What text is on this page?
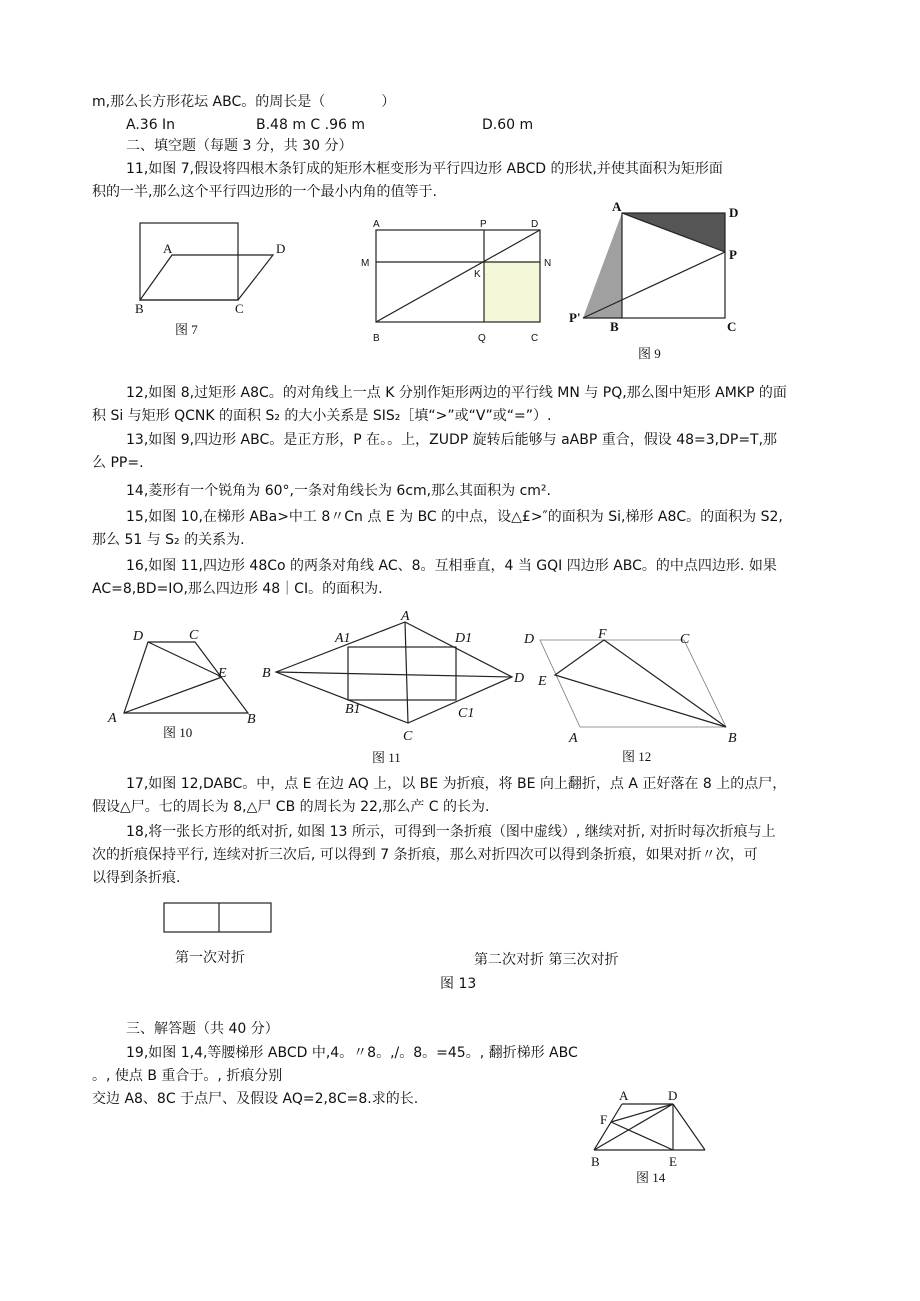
m,那么长方形花坛 ABC。的周长是（　　　　）
A.36 In	B.48 m C .96 m	D.60 m
二、填空题（每题 3 分，共 30 分）
11,如图 7,假设将四根木条钉成的矩形木框变形为平行四边形 ABCD 的形状,并使其面积为矩形面
积的一半,那么这个平行四边形的一个最小内角的值等于.
12,如图 8,过矩形 A8C。的对角线上一点 K 分别作矩形两边的平行线 MN 与 PQ,那么图中矩形 AMKP 的面
积 Si 与矩形 QCNK 的面积 S₂ 的大小关系是 SIS₂［填“>”或“V”或“=”）.
13,如图 9,四边形 ABC。是正方形，P 在。。上，ZUDP 旋转后能够与 aABP 重合，假设 48=3,DP=T,那
么 PP=.
14,菱形有一个锐角为 60°,一条对角线长为 6cm,那么其面积为 cm².
15,如图 10,在梯形 ABa>中工 8〃Cn 点 E 为 BC 的中点，设△£>″的面积为 Si,梯形 A8C。的面积为 S2,
那么 51 与 S₂ 的关系为.
16,如图 11,四边形 48Co 的两条对角线 AC、8。互相垂直，4 当 GQI 四边形 ABC。的中点四边形. 如果
AC=8,BD=IO,那么四边形 48｜CI。的面积为.
17,如图 12,DABC。中，点 E 在边 AQ 上，以 BE 为折痕，将 BE 向上翻折，点 A 正好落在 8 上的点尸，
假设△尸。七的周长为 8,△尸 CB 的周长为 22,那么产 C 的长为.
18,将一张长方形的纸对折, 如图 13 所示，可得到一条折痕（图中虚线）, 继续对折, 对折时每次折痕与上
次的折痕保持平行, 连续对折三次后, 可以得到 7 条折痕，那么对折四次可以得到条折痕，如果对折〃次，可
以得到条折痕.
第一次对折	第二次对折 第三次对折
图 13
三、解答题（共 40 分）
19,如图 1,4,等腰梯形 ABCD 中,4。〃8。,/。8。=45。, 翻折梯形 ABC
。, 使点 B 重合于。, 折痕分别
交边 A8、8C 于点尸、及假设 AQ=2,8C=8.求的长.
A	D
B	C
图 7
A	P	D
M	N
K
B	Q	C
A	D
P
P'
B	C
图 9
D	C
E
A	B
图 10
A
A1	D1
B	D
B1
C
C1
图 11
D	F	C
E
A	B
图 12
A	D
F
B	E
图 14
